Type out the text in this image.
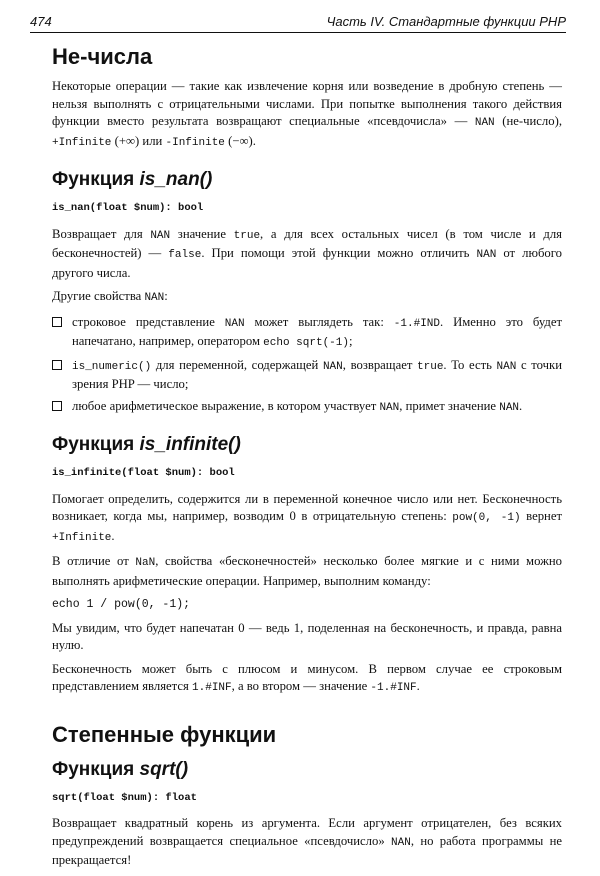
474	Часть IV. Стандартные функции PHP
Не-числа

Некоторые операции — такие как извлечение корня или возведение в дробную степень — нельзя выполнять с отрицательными числами. При попытке выполнения такого действия функции вместо результата возвращают специальные «псевдочисла» — NAN (не-число), +Infinite (+∞) или -Infinite (−∞).

Функция is_nan()
is_nan(float $num): bool

Возвращает для NAN значение true, а для всех остальных чисел (в том числе и для бесконечностей) — false. При помощи этой функции можно отличить NAN от любого другого числа.

Другие свойства NAN:

строковое представление NAN может выглядеть так: -1.#IND. Именно это будет напечатано, например, оператором echo sqrt(-1);
is_numeric() для переменной, содержащей NAN, возвращает true. То есть NAN с точки зрения PHP — число;
любое арифметическое выражение, в котором участвует NAN, примет значение NAN.
Функция is_infinite()
is_infinite(float $num): bool

Помогает определить, содержится ли в переменной конечное число или нет. Бесконечность возникает, когда мы, например, возводим 0 в отрицательную степень: pow(0, -1) вернет +Infinite.

В отличие от NaN, свойства «бесконечностей» несколько более мягкие и с ними можно выполнять арифметические операции. Например, выполним команду:

echo 1 / pow(0, -1);

Мы увидим, что будет напечатан 0 — ведь 1, поделенная на бесконечность, и правда, равна нулю.

Бесконечность может быть с плюсом и минусом. В первом случае ее строковым представлением является 1.#INF, а во втором — значение -1.#INF.

Степенные функции
Функция sqrt()
sqrt(float $num): float

Возвращает квадратный корень из аргумента. Если аргумент отрицателен, без всяких предупреждений возвращается специальное «псевдочисло» NAN, но работа программы не прекращается!
